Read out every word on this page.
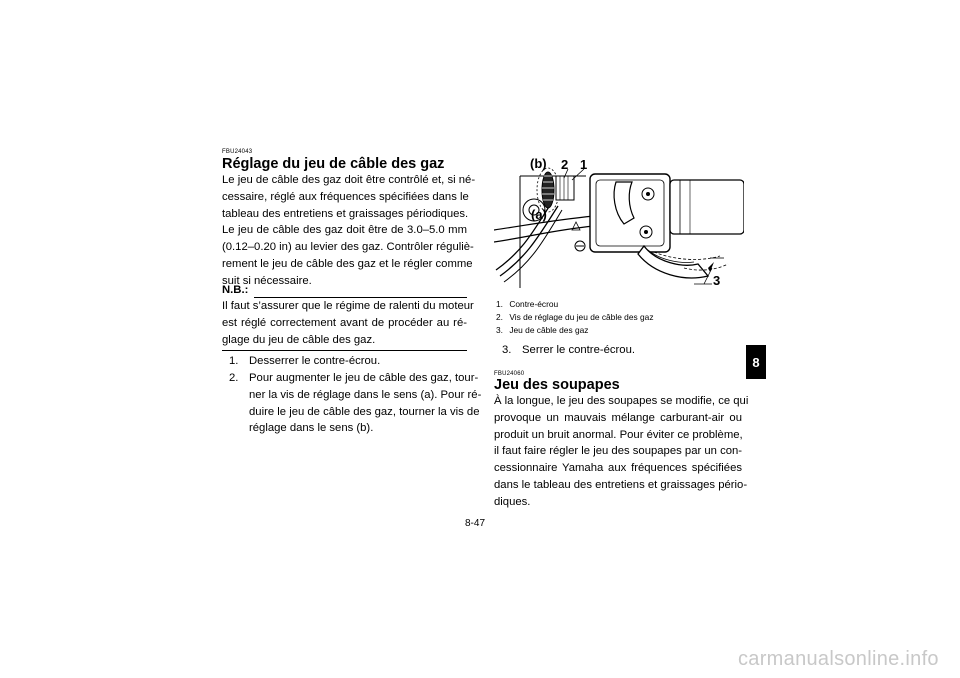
FBU24043
Réglage du jeu de câble des gaz
Le jeu de câble des gaz doit être contrôlé et, si né-
cessaire, réglé aux fréquences spécifiées dans le
tableau des entretiens et graissages périodiques.
Le jeu de câble des gaz doit être de 3.0–5.0 mm
(0.12–0.20 in) au levier des gaz. Contrôler réguliè-
rement le jeu de câble des gaz et le régler comme
suit si nécessaire.
N.B.:
Il faut s’assurer que le régime de ralenti du moteur
est réglé correctement avant de procéder au ré-
glage du jeu de câble des gaz.
1. Desserrer le contre-écrou.
2. Pour augmenter le jeu de câble des gaz, tour-
ner la vis de réglage dans le sens (a). Pour ré-
duire le jeu de câble des gaz, tourner la vis de
réglage dans le sens (b).
(b) 2 1
(a)
3
1. Contre-écrou
2. Vis de réglage du jeu de câble des gaz
3. Jeu de câble des gaz
3. Serrer le contre-écrou.
FBU24060
Jeu des soupapes
À la longue, le jeu des soupapes se modifie, ce qui
provoque un mauvais mélange carburant-air ou
produit un bruit anormal. Pour éviter ce problème,
il faut faire régler le jeu des soupapes par un con-
cessionnaire Yamaha aux fréquences spécifiées
dans le tableau des entretiens et graissages pério-
diques.
8
8-47
carmanualsonline.info
